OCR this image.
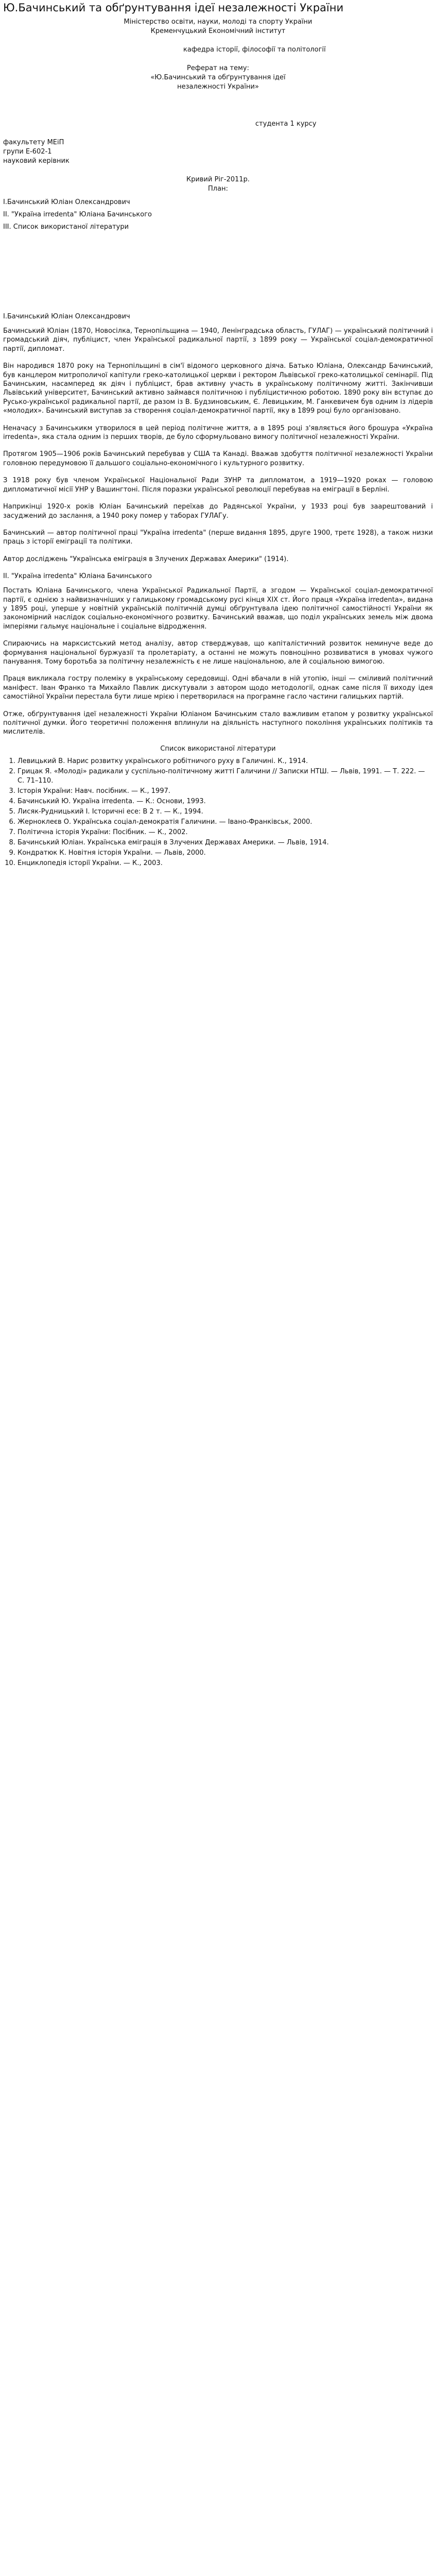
Ю.Бачинський та обґрунтування ідеї незалежності України
Міністерство освіти, науки, молоді та спорту України
Кременчуцький Економічний інститут
кафедра історії, філософії та політології
Реферат на тему:
«Ю.Бачинський та обґрунтування ідеї
незалежності України»
студента 1 курсу
факультету МЕіП
групи Е-602-1
науковий керівник
Кривий Ріг-2011р.
План:
I.Бачинський Юліан Олександрович
II. "Україна irredenta" Юліана Бачинського
III. Список використаної літератури
I.Бачинський Юліан Олександрович
Бачинський Юліан (1870, Новосілка, Тернопільщина — 1940, Ленінградська область, ГУЛАГ) — український політичний і громадський діяч, публіцист, член Української радикальної партії, з 1899 року — Української соціал-демократичної партії, дипломат.
Він народився 1870 року на Тернопільщині в сім'ї відомого церковного діяча. Батько Юліана, Олександр Бачинський, був канцлером митрополичої капітули греко-католицької церкви і ректором Львівської греко-католицької семінарії. Під Бачинським, насамперед як діяч і публіцист, брав активну участь в українському політичному житті. Закінчивши Львівський університет, Бачинський активно займався політичною і публіцистичною роботою. 1890 року він вступає до Русько-української радикальної партії, де разом із В. Будзиновським, Є. Левицьким, М. Ганкевичем був одним із лідерів «молодих». Бачинський виступав за створення соціал-демократичної партії, яку в 1899 році було організовано.
Неначасу з Бачинськикм утворилося в цей період політичне життя, а в 1895 році з'являється його брошура «Україна irredenta», яка стала одним із перших творів, де було сформульовано вимогу політичної незалежності України.
Протягом 1905—1906 років Бачинський перебував у США та Канаді. Вважав здобуття політичної незалежності України головною передумовою її дальшого соціально-економічного і культурного розвитку.
З 1918 року був членом Української Національної Ради ЗУНР та дипломатом, а 1919—1920 роках — головою дипломатичної місії УНР у Вашингтоні. Після поразки української революції перебував на еміграції в Берліні.
Наприкінці 1920-х років Юліан Бачинський переїхав до Радянської України, у 1933 році був заарештований і засуджений до заслання, а 1940 року помер у таборах ГУЛАГу.
Бачинський — автор політичної праці "Україна irredenta" (перше видання 1895, друге 1900, третє 1928), а також низки праць з історії еміграції та політики.
Автор досліджень "Українська еміграція в Злучених Державах Америки" (1914).
II. "Україна irredenta" Юліана Бачинського
Постать Юліана Бачинського, члена Української Радикальної Партії, а згодом — Української соціал-демократичної партії, є однією з найвизначніших у галицькому громадському русі кінця XIX ст. Його праця «Україна irredenta», видана у 1895 році, уперше у новітній українській політичній думці обґрунтувала ідею політичної самостійності України як закономірний наслідок соціально-економічного розвитку. Бачинський вважав, що поділ українських земель між двома імперіями гальмує національне і соціальне відродження.
Спираючись на марксистський метод аналізу, автор стверджував, що капіталістичний розвиток неминуче веде до формування національної буржуазії та пролетаріату, а останні не можуть повноцінно розвиватися в умовах чужого панування. Тому боротьба за політичну незалежність є не лише національною, але й соціальною вимогою.
Праця викликала гостру полеміку в українському середовищі. Одні вбачали в ній утопію, інші — сміливий політичний маніфест. Іван Франко та Михайло Павлик дискутували з автором щодо методології, однак саме після її виходу ідея самостійної України перестала бути лише мрією і перетворилася на програмне гасло частини галицьких партій.
Отже, обґрунтування ідеї незалежності України Юліаном Бачинським стало важливим етапом у розвитку української політичної думки. Його теоретичні положення вплинули на діяльність наступного покоління українських політиків та мислителів.
Список використаної літератури
1. Левицький В. Нарис розвитку українського робітничого руху в Галичині. К., 1914.
2. Грицак Я. «Молоді» радикали у суспільно-політичному житті Галичини // Записки НТШ. — Львів, 1991. — Т. 222. — С. 71–110.
3. Історія України: Навч. посібник. — К., 1997.
4. Бачинський Ю. Україна irredenta. — К.: Основи, 1993.
5. Лисяк-Рудницький І. Історичні есе: В 2 т. — К., 1994.
6. Жерноклеєв О. Українська соціал-демократія Галичини. — Івано-Франківськ, 2000.
7. Політична історія України: Посібник. — К., 2002.
8. Бачинський Юліан. Українська еміграція в Злучених Державах Америки. — Львів, 1914.
9. Кондратюк К. Новітня історія України. — Львів, 2000.
10. Енциклопедія історії України. — К., 2003.
